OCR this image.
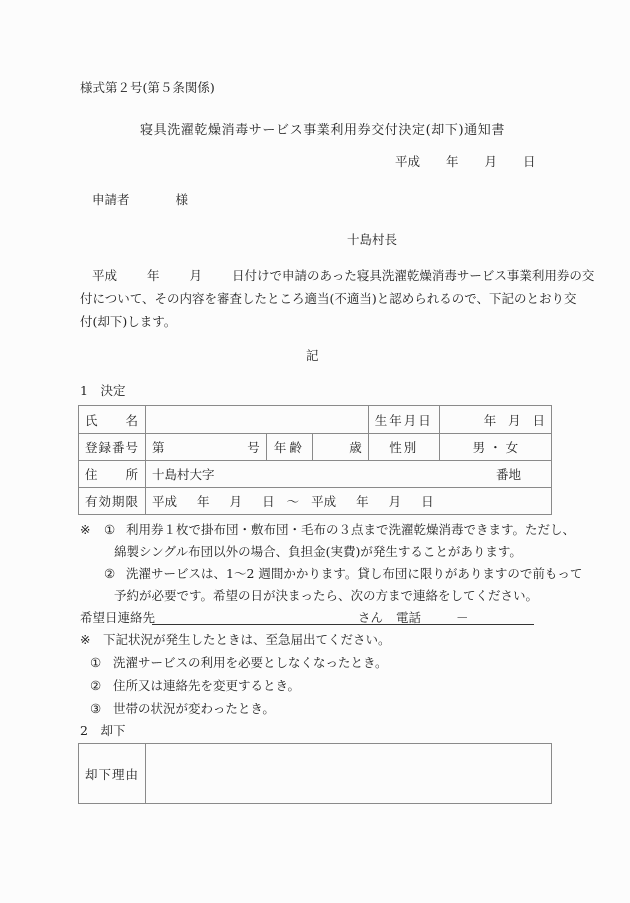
様式第２号(第５条関係)
寝具洗濯乾燥消毒サービス事業利用券交付決定(却下)通知書
平成 年 月 日
申請者	様
十島村長
平成 年 月 日付けで申請のあった寝具洗濯乾燥消毒サービス事業利用券の交
付について、その内容を審査したところ適当(不適当)と認められるので、下記のとおり交
付(却下)します。
記
1　決定
氏　　名				生年月日	年 月 日

登録番号	第 号	年齢	歳	性別	男 ・ 女
住　　所	十島村大字 番地				

有効期限	平成 年 月 日 ～ 平成 年 月 日				
※ ① 利用券１枚で掛布団・敷布団・毛布の３点まで洗濯乾燥消毒できます。ただし、
綿製シングル布団以外の場合、負担金(実費)が発生することがあります。
② 洗濯サービスは、1～2 週間かかります。貸し布団に限りがありますので前もって
予約が必要です。希望の日が決まったら、次の方まで連絡をしてください。
希望日連絡先	さん 電話	－
※ 下記状況が発生したときは、至急届出てください。
① 洗濯サービスの利用を必要としなくなったとき。
② 住所又は連絡先を変更するとき。
③ 世帯の状況が変わったとき。
2　却下
却下理由	
